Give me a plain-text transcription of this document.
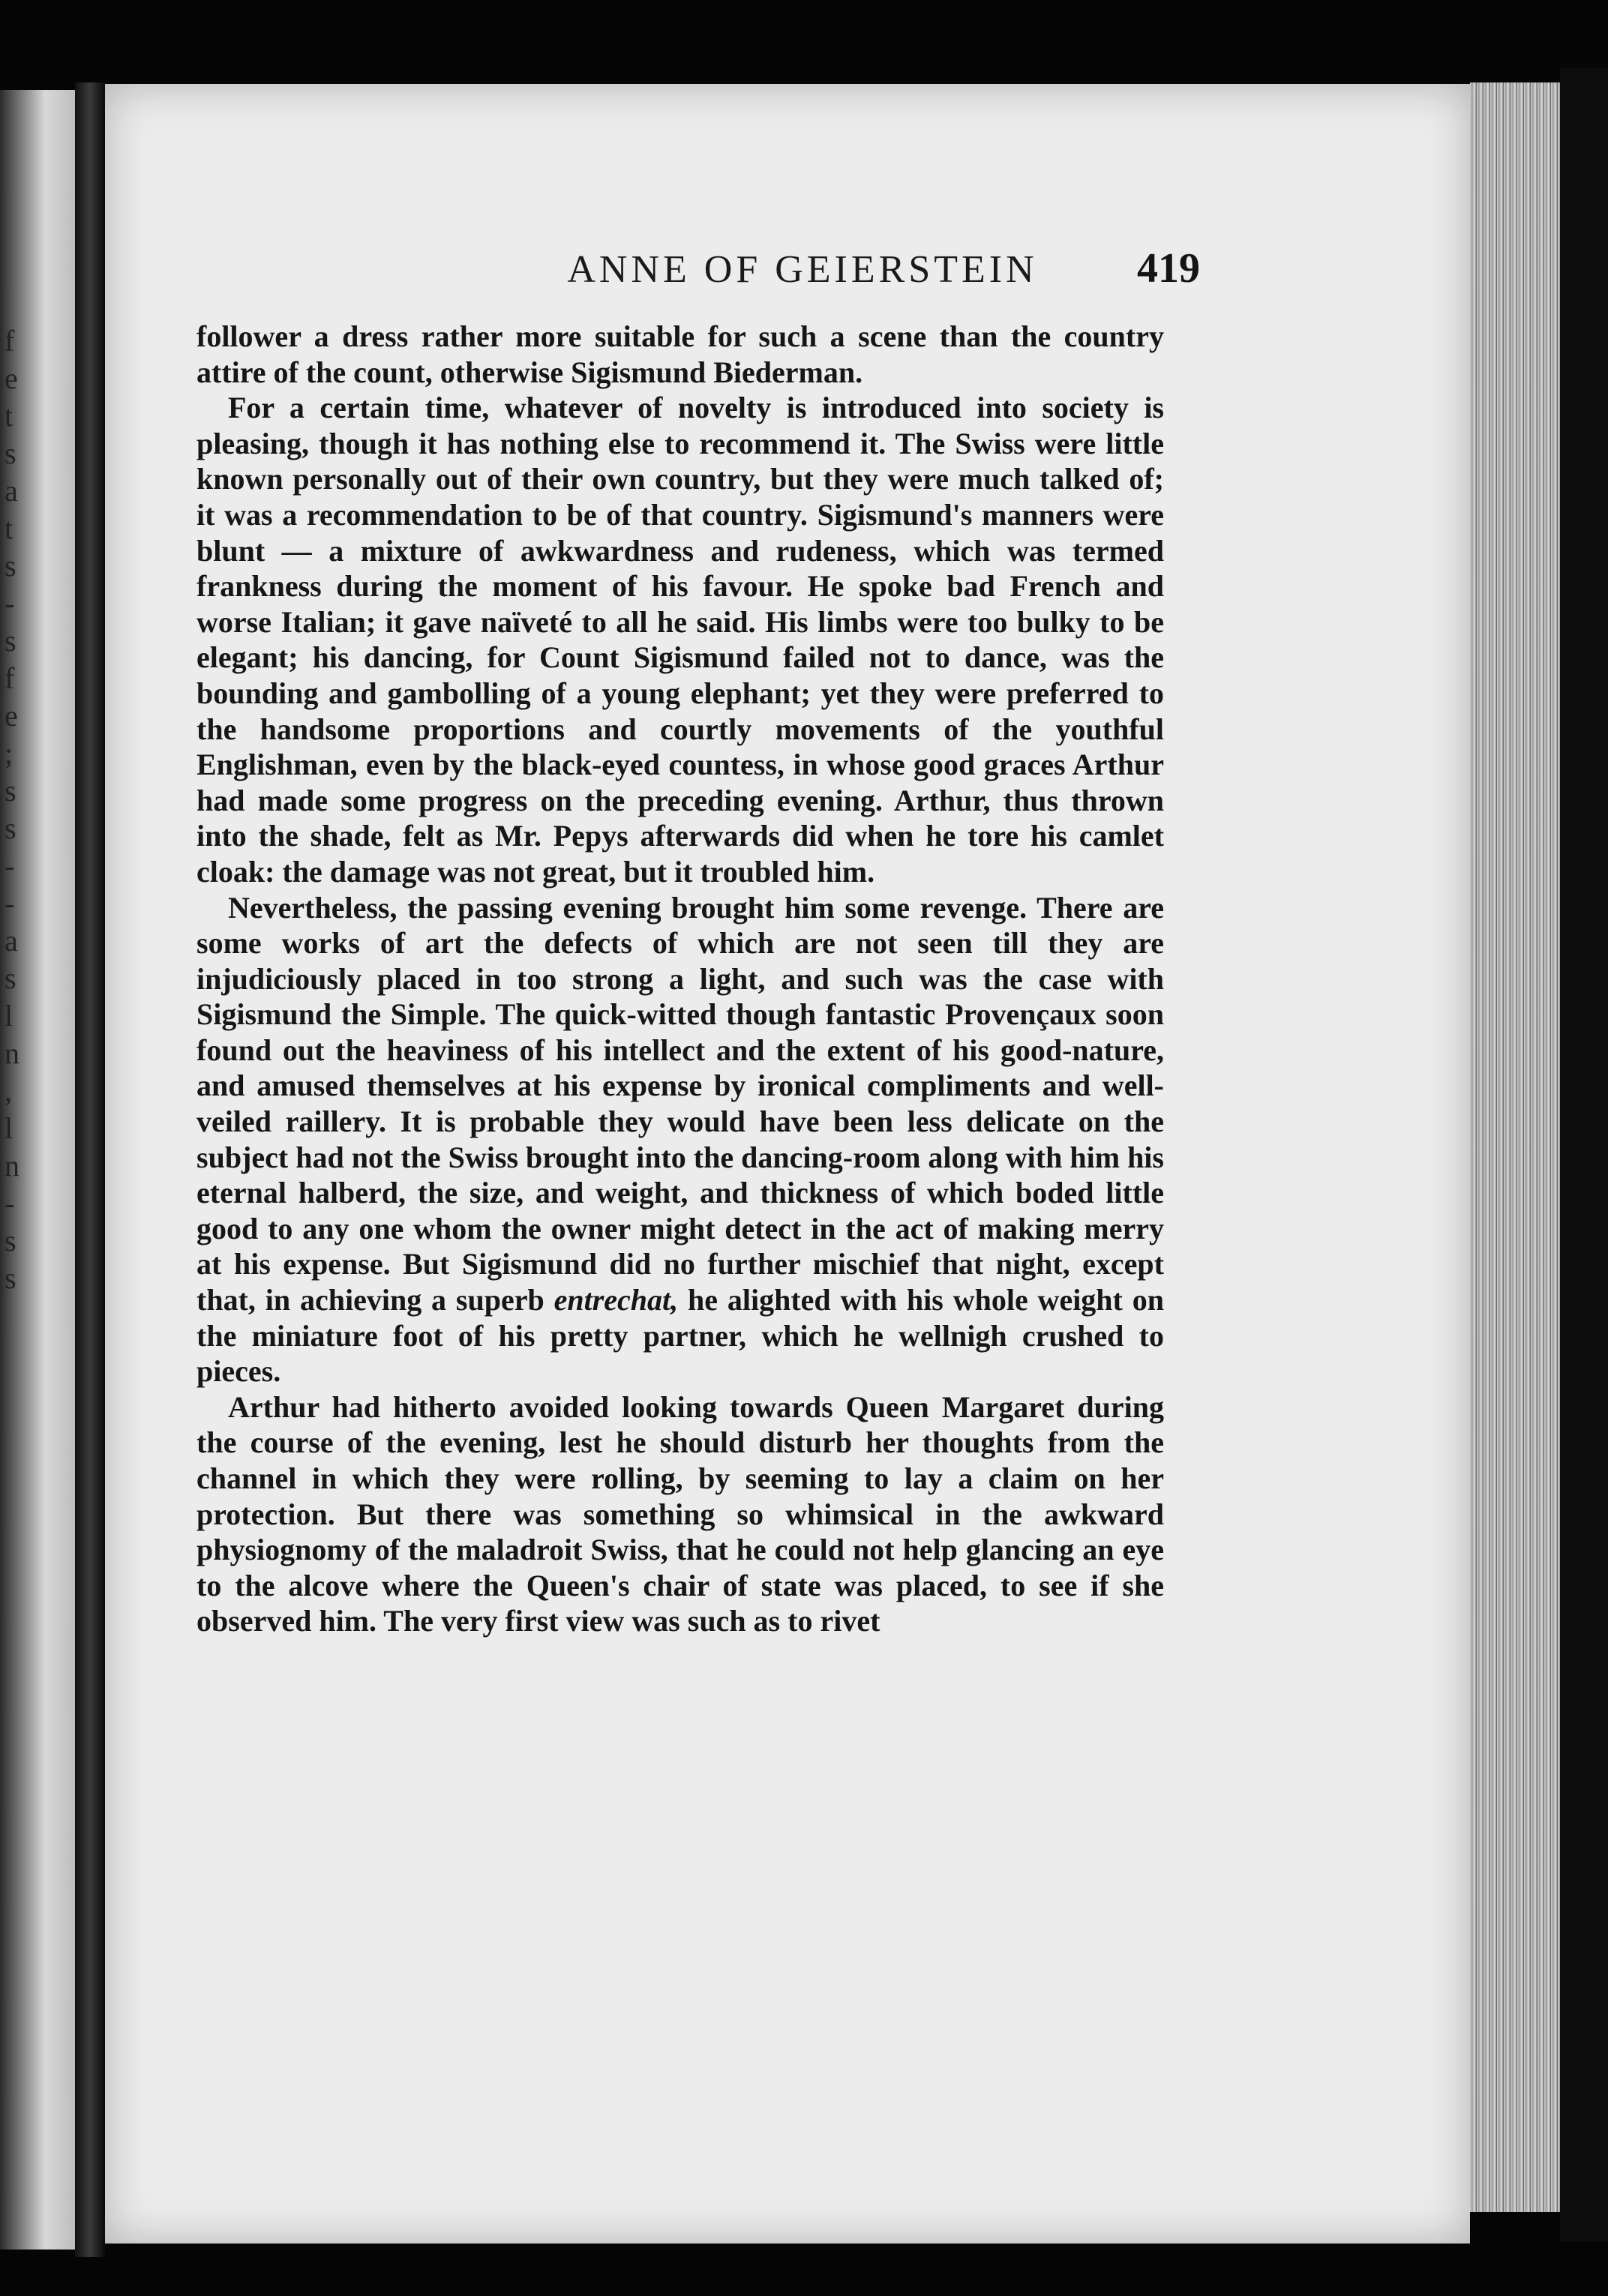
f
e
t
s
a
t
s
-
s
f
e
;
s
s
-
-
a
s
l
n
,
l
n
-
s
s
ANNE OF GEIERSTEIN	419

follower a dress rather more suitable for such a scene than the country attire of the count, otherwise Sigismund Biederman.

For a certain time, whatever of novelty is introduced into society is pleasing, though it has nothing else to recommend it. The Swiss were little known personally out of their own country, but they were much talked of; it was a recommendation to be of that country. Sigismund's manners were blunt — a mixture of awkwardness and rudeness, which was termed frankness during the moment of his favour. He spoke bad French and worse Italian; it gave naïveté to all he said. His limbs were too bulky to be elegant; his dancing, for Count Sigismund failed not to dance, was the bounding and gambolling of a young elephant; yet they were preferred to the handsome proportions and courtly movements of the youthful Englishman, even by the black-eyed countess, in whose good graces Arthur had made some progress on the preceding evening. Arthur, thus thrown into the shade, felt as Mr. Pepys afterwards did when he tore his camlet cloak: the damage was not great, but it troubled him.

Nevertheless, the passing evening brought him some revenge. There are some works of art the defects of which are not seen till they are injudiciously placed in too strong a light, and such was the case with Sigismund the Simple. The quick-witted though fantastic Provençaux soon found out the heaviness of his intellect and the extent of his good-nature, and amused themselves at his expense by ironical compliments and well-veiled raillery. It is probable they would have been less delicate on the subject had not the Swiss brought into the dancing-room along with him his eternal halberd, the size, and weight, and thickness of which boded little good to any one whom the owner might detect in the act of making merry at his expense. But Sigismund did no further mischief that night, except that, in achieving a superb entrechat, he alighted with his whole weight on the miniature foot of his pretty partner, which he wellnigh crushed to pieces.

Arthur had hitherto avoided looking towards Queen Margaret during the course of the evening, lest he should disturb her thoughts from the channel in which they were rolling, by seeming to lay a claim on her protection. But there was something so whimsical in the awkward physiognomy of the maladroit Swiss, that he could not help glancing an eye to the alcove where the Queen's chair of state was placed, to see if she observed him. The very first view was such as to rivet
